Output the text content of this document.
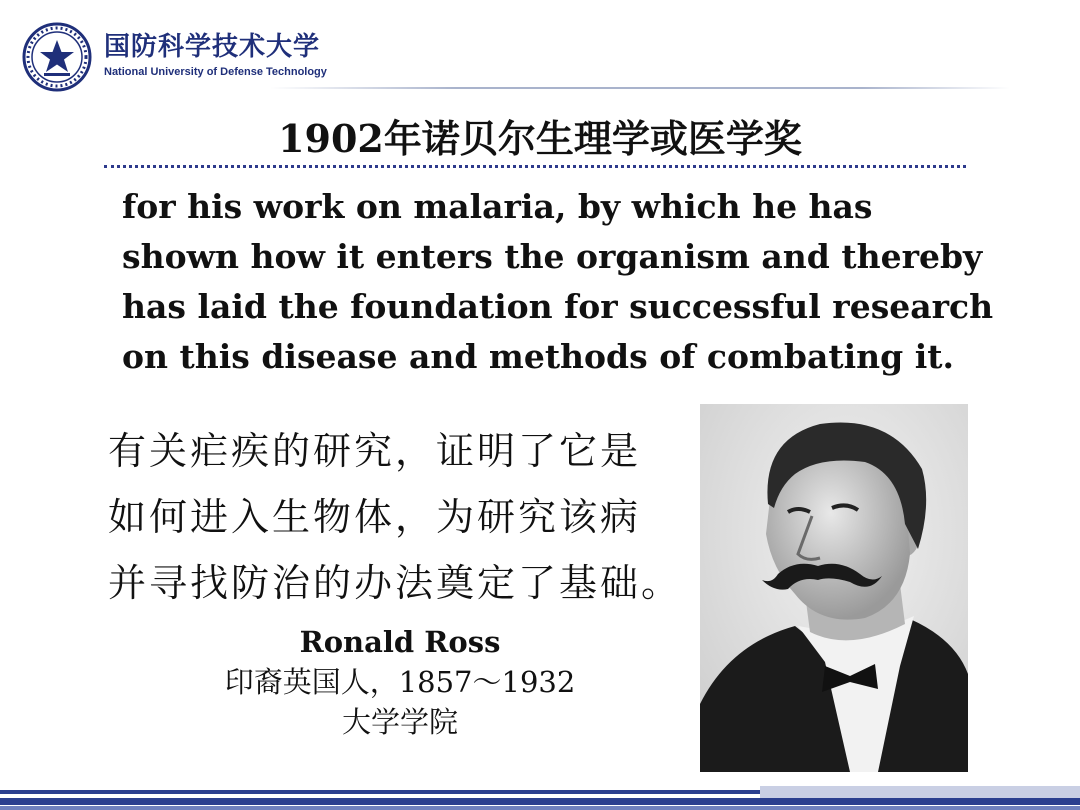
国防科学技术大学
National University of Defense Technology
1902年诺贝尔生理学或医学奖

for his work on malaria, by which he has
shown how it enters the organism and thereby
has laid the foundation for successful research
on this disease and methods of combating it.

有关疟疾的研究，证明了它是
如何进入生物体，为研究该病
并寻找防治的办法奠定了基础。

Ronald Ross
印裔英国人，1857～1932
大学学院
